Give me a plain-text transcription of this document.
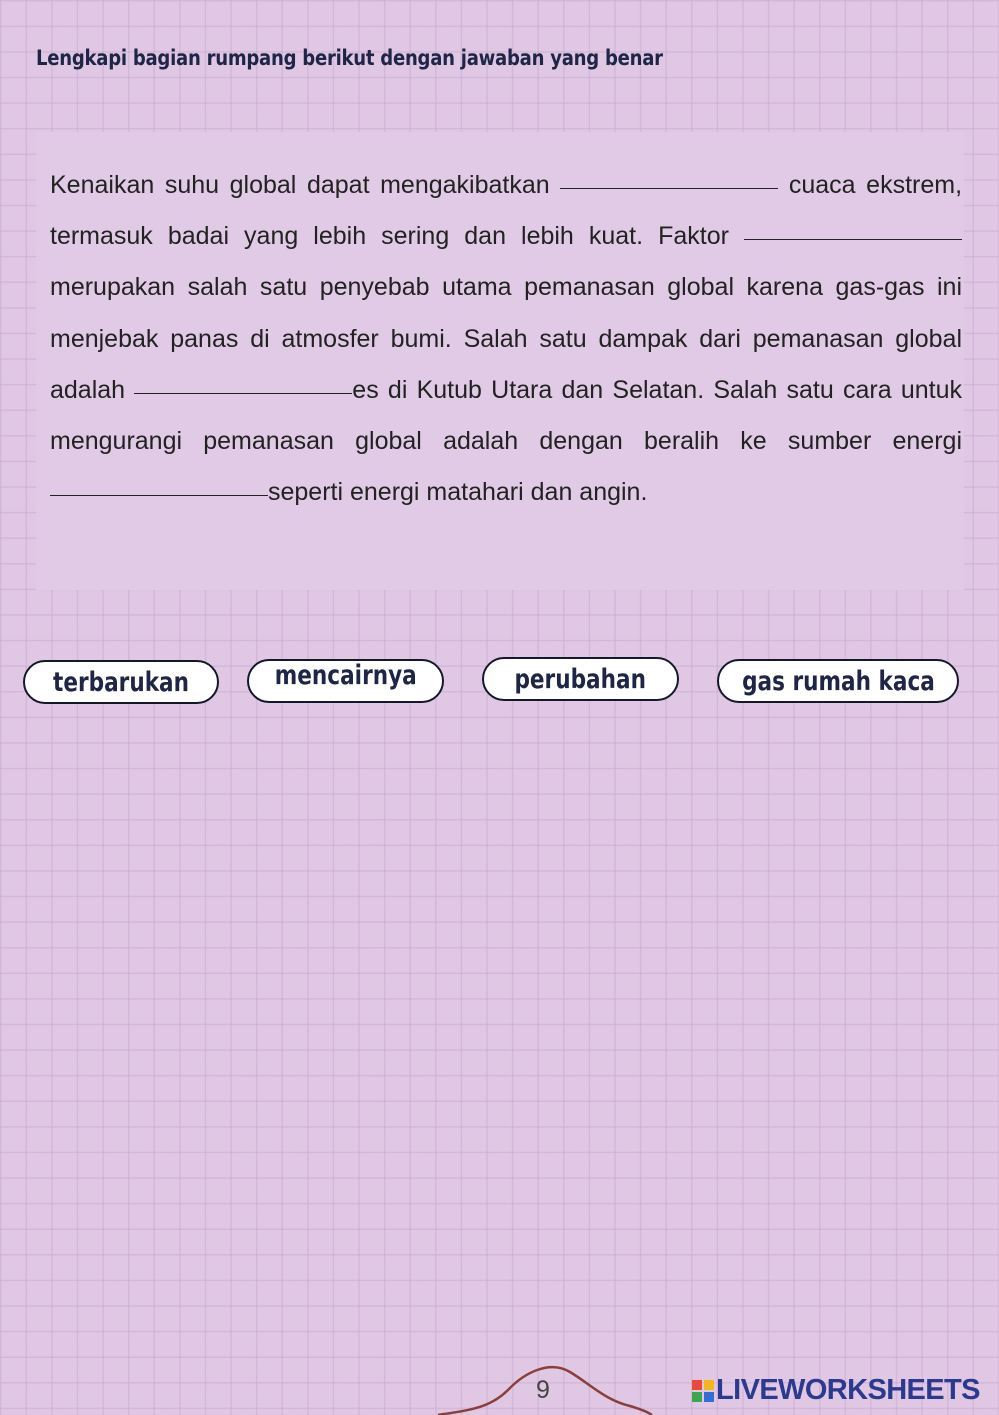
Lengkapi bagian rumpang berikut dengan jawaban yang benar

Kenaikan suhu global dapat mengakibatkan	cuaca ekstrem, termasuk badai yang lebih sering dan lebih kuat. Faktor  merupakan salah satu penyebab utama pemanasan global karena gas-gas ini menjebak panas di atmosfer bumi. Salah satu dampak dari pemanasan global adalah	es di Kutub Utara dan Selatan. Salah satu cara untuk mengurangi pemanasan global adalah dengan beralih ke sumber energi seperti energi matahari dan angin.

terbarukan	mencairnya	perubahan	gas rumah kaca
9	LIVEWORKSHEETS
